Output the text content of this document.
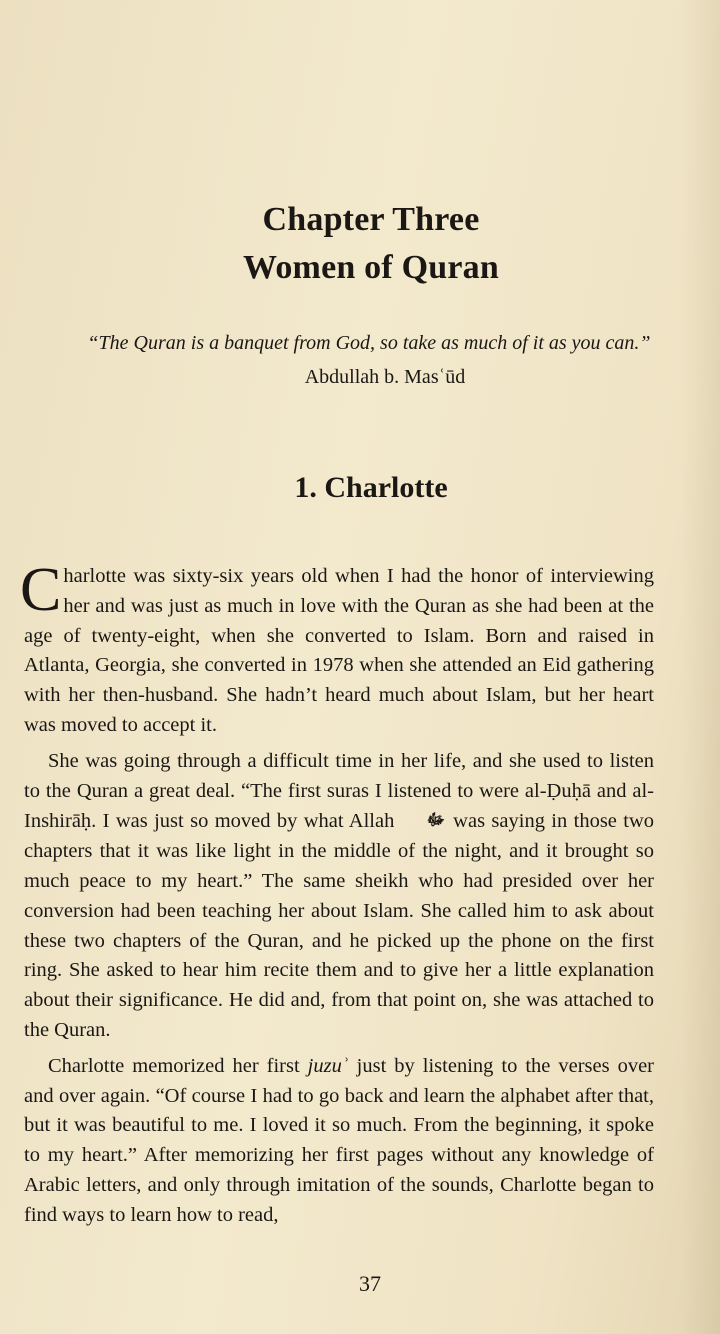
Chapter Three
Women of Quran
“The Quran is a banquet from God, so take as much of it as you can.”
Abdullah b. Masʿūd
1. Charlotte

Charlotte was sixty-six years old when I had the honor of interviewing her and was just as much in love with the Quran as she had been at the age of twenty-eight, when she converted to Islam. Born and raised in Atlanta, Georgia, she converted in 1978 when she attended an Eid gathering with her then-husband. She hadn’t heard much about Islam, but her heart was moved to accept it.

She was going through a difficult time in her life, and she used to listen to the Quran a great deal. “The first suras I listened to were al-Ḍuḥā and al-Inshirāḥ. I was just so moved by what Allah ﷻ was saying in those two chapters that it was like light in the middle of the night, and it brought so much peace to my heart.” The same sheikh who had presided over her conversion had been teaching her about Islam. She called him to ask about these two chapters of the Quran, and he picked up the phone on the first ring. She asked to hear him recite them and to give her a little explanation about their significance. He did and, from that point on, she was attached to the Quran.

Charlotte memorized her first juzuʾ just by listening to the verses over and over again. “Of course I had to go back and learn the alphabet after that, but it was beautiful to me. I loved it so much. From the beginning, it spoke to my heart.” After memorizing her first pages without any knowledge of Arabic letters, and only through imitation of the sounds, Charlotte began to find ways to learn how to read,

37
